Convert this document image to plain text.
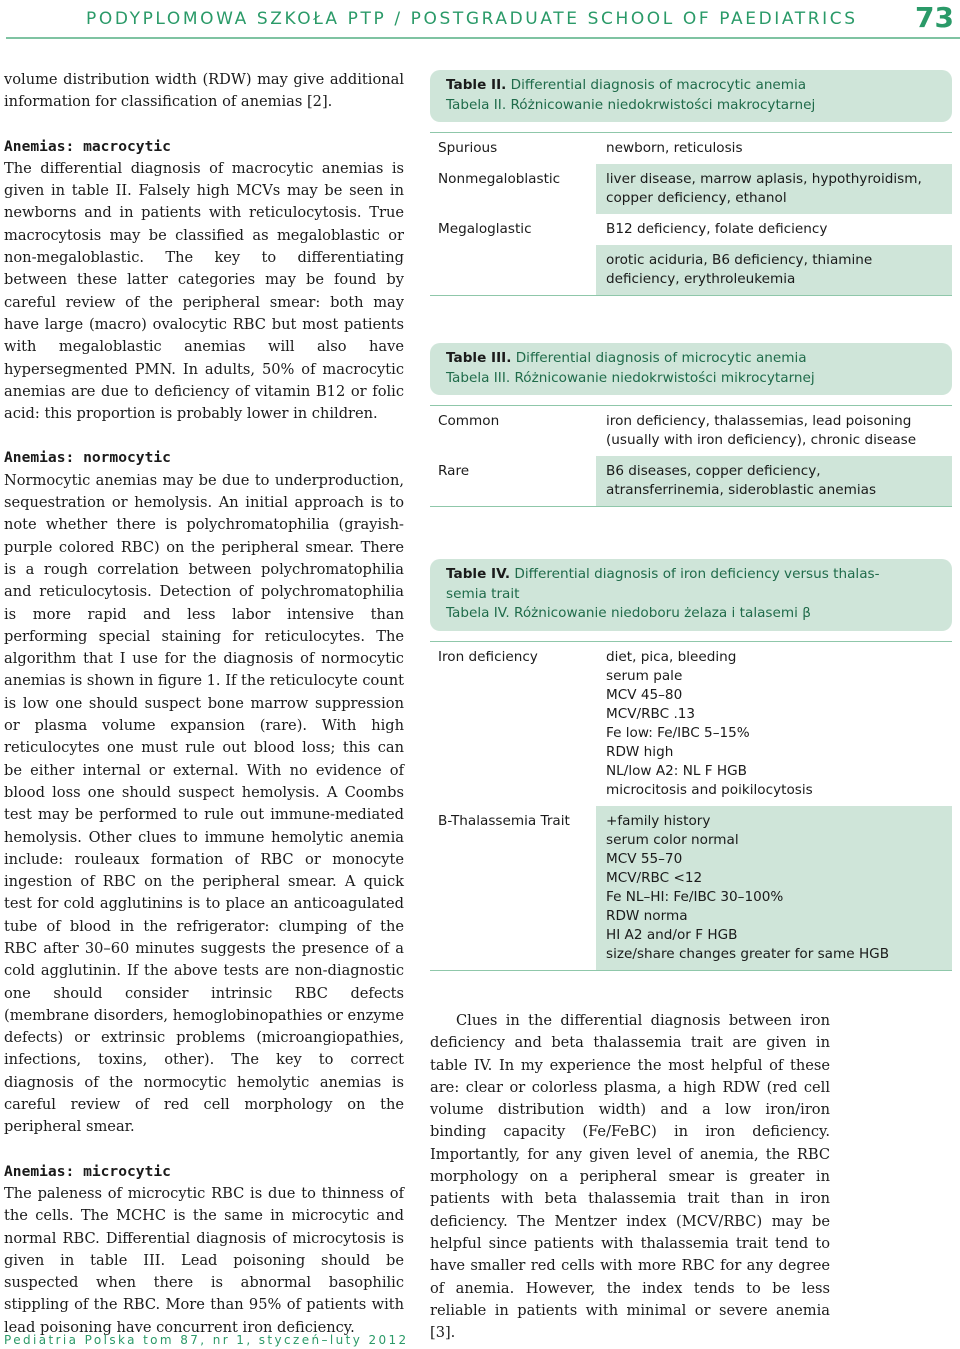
PODYPLOMOWA SZKOŁA PTP / POSTGRADUATE SCHOOL OF PAEDIATRICS 73

volume distribution width (RDW) may give additional information for classification of anemias [2].

Anemias: macrocytic

The differential diagnosis of macrocytic anemias is given in table II. Falsely high MCVs may be seen in newborns and in patients with reticulocytosis. True macrocytosis may be classified as megaloblastic or non-megaloblastic. The key to differentiating between these latter categories may be found by careful review of the peripheral smear: both may have large (macro) ovalocytic RBC but most patients with megaloblastic anemias will also have hypersegmented PMN. In adults, 50% of macrocytic anemias are due to deficiency of vitamin B12 or folic acid: this proportion is probably lower in children.

Anemias: normocytic

Normocytic anemias may be due to underproduction, sequestration or hemolysis. An initial approach is to note whether there is polychromatophilia (grayish-purple colored RBC) on the peripheral smear. There is a rough correlation between polychromatophilia and reticulocytosis. Detection of polychromatophilia is more rapid and less labor intensive than performing special staining for reticulocytes. The algorithm that I use for the diagnosis of normocytic anemias is shown in figure 1. If the reticulocyte count is low one should suspect bone marrow suppression or plasma volume expansion (rare). With high reticulocytes one must rule out blood loss; this can be either internal or external. With no evidence of blood loss one should suspect hemolysis. A Coombs test may be performed to rule out immune-mediated hemolysis. Other clues to immune hemolytic anemia include: rouleaux formation of RBC or monocyte ingestion of RBC on the peripheral smear. A quick test for cold agglutinins is to place an anticoagulated tube of blood in the refrigerator: clumping of the RBC after 30–60 minutes suggests the presence of a cold agglutinin. If the above tests are non-diagnostic one should consider intrinsic RBC defects (membrane disorders, hemoglobinopathies or enzyme defects) or extrinsic problems (microangiopathies, infections, toxins, other). The key to correct diagnosis of the normocytic hemolytic anemias is careful review of red cell morphology on the peripheral smear.

Anemias: microcytic

The paleness of microcytic RBC is due to thinness of the cells. The MCHC is the same in microcytic and normal RBC. Differential diagnosis of microcytosis is given in table III. Lead poisoning should be suspected when there is abnormal basophilic stippling of the RBC. More than 95% of patients with lead poisoning have concurrent iron deficiency.

Table II. Differential diagnosis of macrocytic anemia
Tabela II. Różnicowanie niedokrwistości makrocytarnej
Spurious	newborn, reticulosis
Nonmegaloblastic	liver disease, marrow aplasis, hypothyroidism,
copper deficiency, ethanol
Megaloglastic	B12 deficiency, folate deficiency
orotic aciduria, B6 deficiency, thiamine
deficiency, erythroleukemia
Table III. Differential diagnosis of microcytic anemia
Tabela III. Różnicowanie niedokrwistości mikrocytarnej
Common	iron deficiency, thalassemias, lead poisoning
(usually with iron deficiency), chronic disease
Rare	B6 diseases, copper deficiency,
atransferrinemia, sideroblastic anemias
Table IV. Differential diagnosis of iron deficiency versus thalas-
semia trait
Tabela IV. Różnicowanie niedoboru żelaza i talasemi β
Iron deficiency	diet, pica, bleeding
serum pale
MCV 45–80
MCV/RBC .13
Fe low: Fe/IBC 5–15%
RDW high
NL/low A2: NL F HGB
microcitosis and poikilocytosis
B-Thalassemia Trait	+family history
serum color normal
MCV 55–70
MCV/RBC <12
Fe NL–HI: Fe/IBC 30–100%
RDW norma
HI A2 and/or F HGB
size/share changes greater for same HGB

Clues in the differential diagnosis between iron deficiency and beta thalassemia trait are given in table IV. In my experience the most helpful of these are: clear or colorless plasma, a high RDW (red cell volume distribution width) and a low iron/iron binding capacity (Fe/FeBC) in iron deficiency. Importantly, for any given level of anemia, the RBC morphology on a peripheral smear is greater in patients with beta thalassemia trait than in iron deficiency. The Mentzer index (MCV/RBC) may be helpful since patients with thalassemia trait tend to have smaller red cells with more RBC for any degree of anemia. However, the index tends to be less reliable in patients with minimal or severe anemia [3].

Pediatria Polska tom 87, nr 1, styczeń–luty 2012
